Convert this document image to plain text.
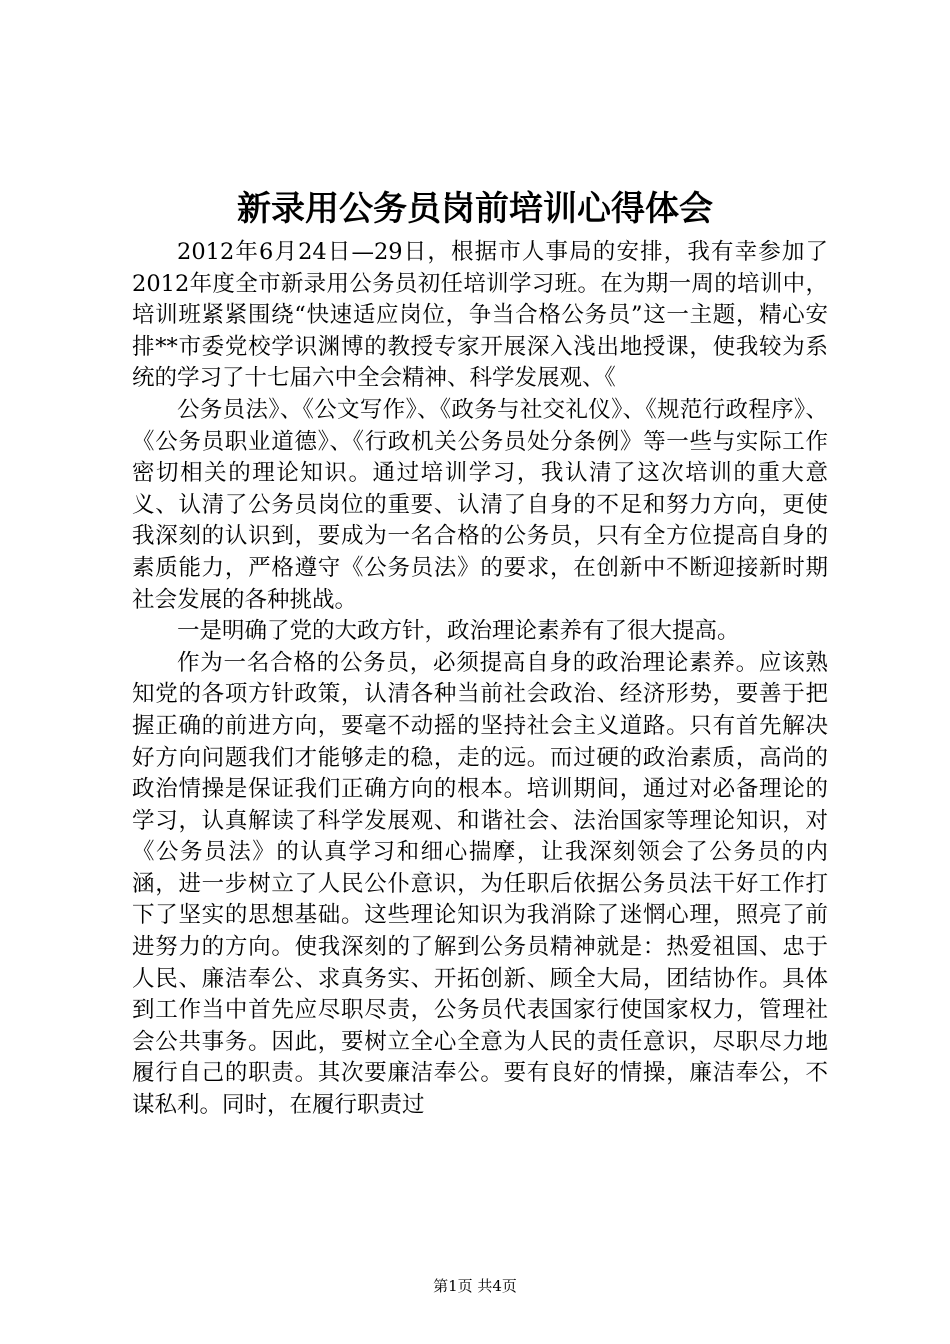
新录用公务员岗前培训心得体会

2012年6月24日—29日，根据市人事局的安排，我有幸参加了2012年度全市新录用公务员初任培训学习班。在为期一周的培训中，培训班紧紧围绕“快速适应岗位，争当合格公务员”这一主题，精心安排**市委党校学识渊博的教授专家开展深入浅出地授课，使我较为系统的学习了十七届六中全会精神、科学发展观、《

公务员法》、《公文写作》、《政务与社交礼仪》、《规范行政程序》、《公务员职业道德》、《行政机关公务员处分条例》等一些与实际工作密切相关的理论知识。通过培训学习，我认清了这次培训的重大意义、认清了公务员岗位的重要、认清了自身的不足和努力方向，更使我深刻的认识到，要成为一名合格的公务员，只有全方位提高自身的素质能力，严格遵守《公务员法》的要求，在创新中不断迎接新时期社会发展的各种挑战。

一是明确了党的大政方针，政治理论素养有了很大提高。

作为一名合格的公务员，必须提高自身的政治理论素养。应该熟知党的各项方针政策，认清各种当前社会政治、经济形势，要善于把握正确的前进方向，要毫不动摇的坚持社会主义道路。只有首先解决好方向问题我们才能够走的稳，走的远。而过硬的政治素质，高尚的政治情操是保证我们正确方向的根本。培训期间，通过对必备理论的学习，认真解读了科学发展观、和谐社会、法治国家等理论知识，对《公务员法》的认真学习和细心揣摩，让我深刻领会了公务员的内涵，进一步树立了人民公仆意识，为任职后依据公务员法干好工作打下了坚实的思想基础。这些理论知识为我消除了迷惘心理，照亮了前进努力的方向。使我深刻的了解到公务员精神就是：热爱祖国、忠于人民、廉洁奉公、求真务实、开拓创新、顾全大局，团结协作。具体到工作当中首先应尽职尽责，公务员代表国家行使国家权力，管理社会公共事务。因此，要树立全心全意为人民的责任意识，尽职尽力地履行自己的职责。其次要廉洁奉公。要有良好的情操，廉洁奉公，不谋私利。同时，在履行职责过

第1页 共4页
